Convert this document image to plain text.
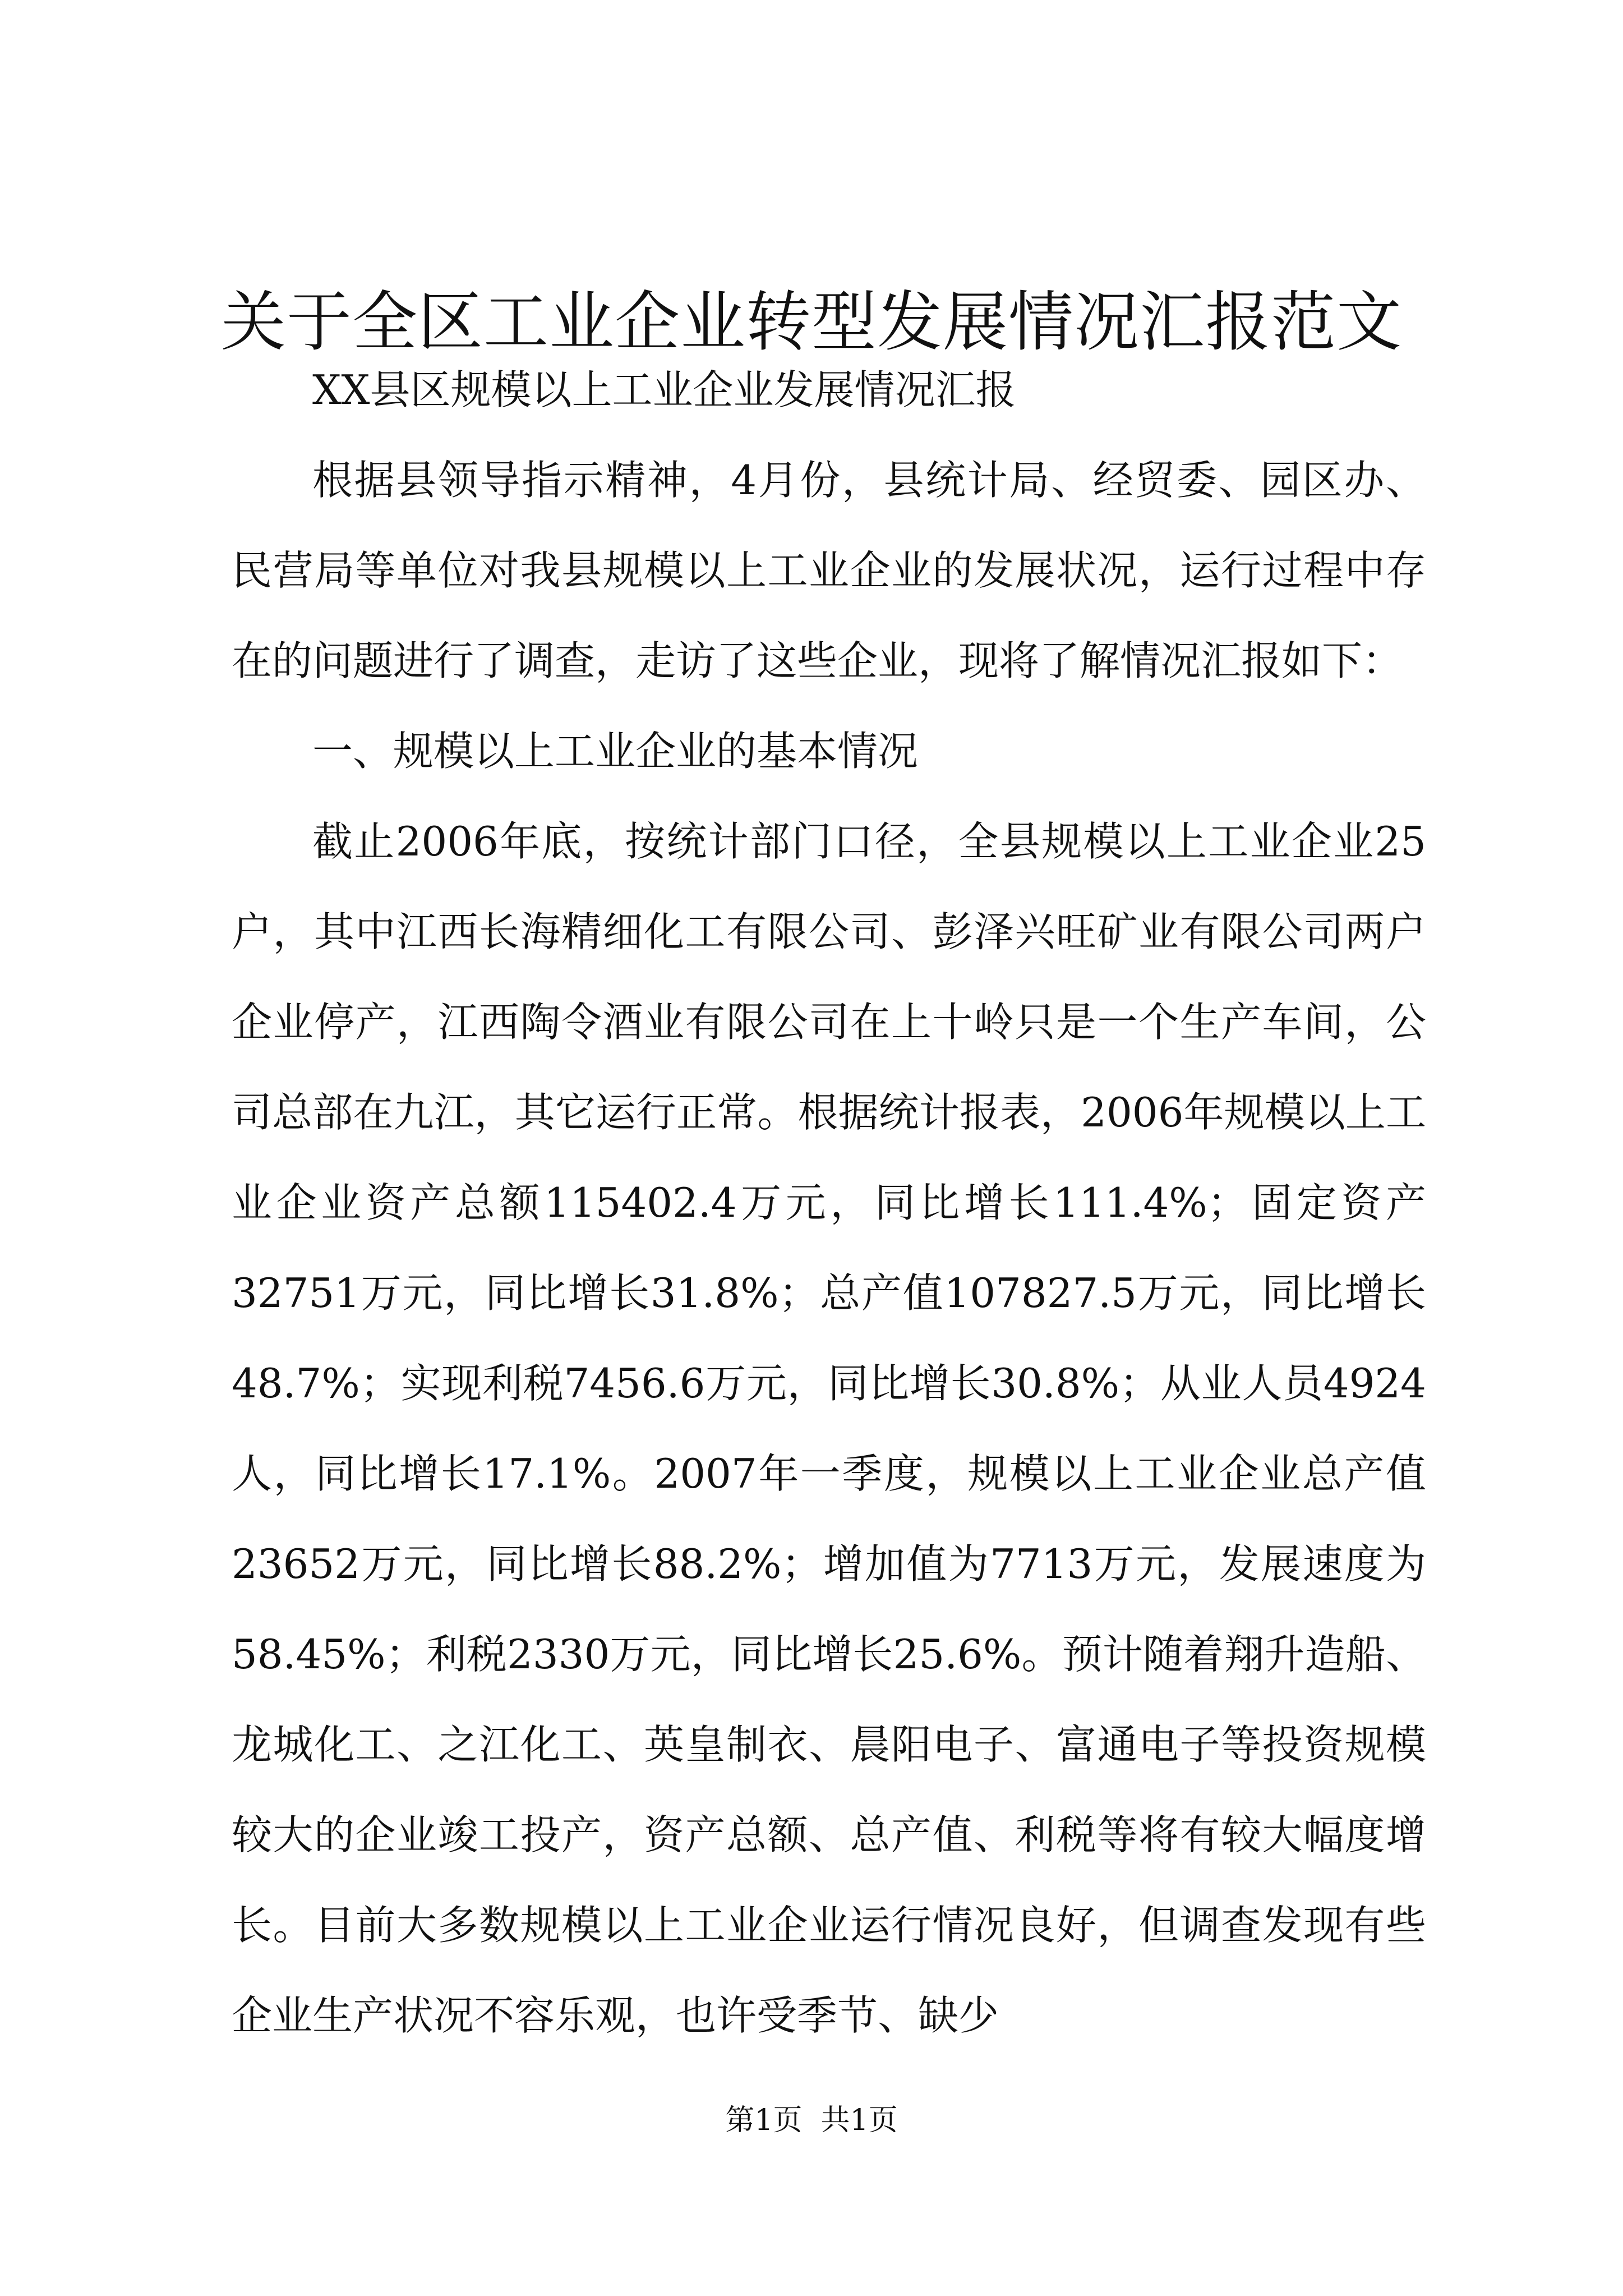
关于全区工业企业转型发展情况汇报范文

XX县区规模以上工业企业发展情况汇报

根据县领导指示精神，4月份，县统计局、经贸委、园区办、民营局等单位对我县规模以上工业企业的发展状况，运行过程中存在的问题进行了调查，走访了这些企业，现将了解情况汇报如下：

一、规模以上工业企业的基本情况

截止2006年底，按统计部门口径，全县规模以上工业企业25户，其中江西长海精细化工有限公司、彭泽兴旺矿业有限公司两户企业停产，江西陶令酒业有限公司在上十岭只是一个生产车间，公司总部在九江，其它运行正常。根据统计报表，2006年规模以上工业企业资产总额115402.4万元，同比增长111.4%；固定资产32751万元，同比增长31.8%；总产值107827.5万元，同比增长48.7%；实现利税7456.6万元，同比增长30.8%；从业人员4924人，同比增长17.1%。2007年一季度，规模以上工业企业总产值23652万元，同比增长88.2%；增加值为7713万元，发展速度为58.45%；利税2330万元，同比增长25.6%。预计随着翔升造船、龙城化工、之江化工、英皇制衣、晨阳电子、富通电子等投资规模较大的企业竣工投产，资产总额、总产值、利税等将有较大幅度增长。目前大多数规模以上工业企业运行情况良好，但调查发现有些企业生产状况不容乐观，也许受季节、缺少

第1页  共1页
